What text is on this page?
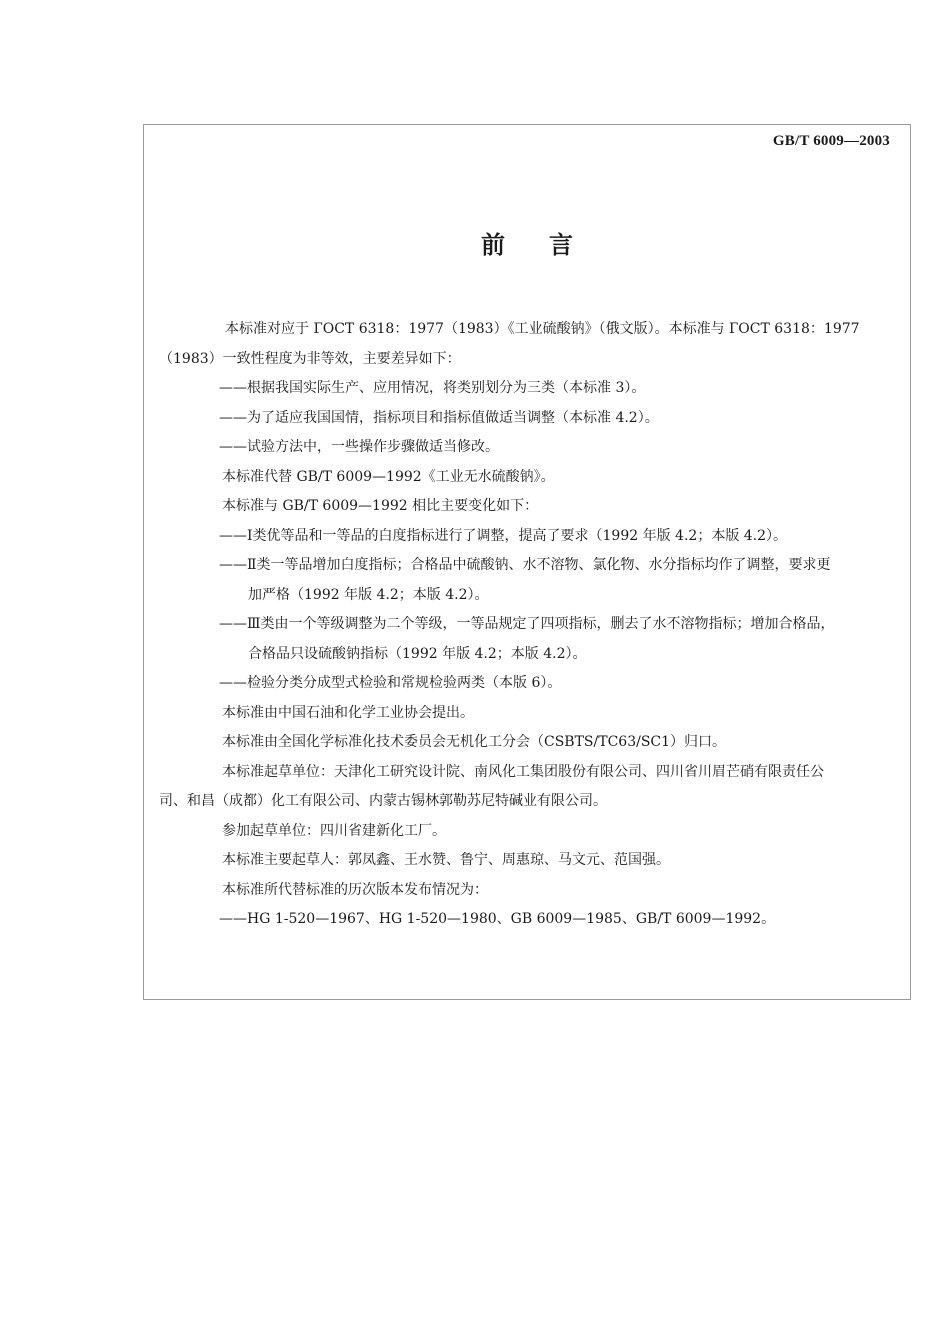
GB/T 6009—2003
前言

本标准对应于 ГОСТ 6318：1977（1983）《工业硫酸钠》（俄文版）。本标准与 ГОСТ 6318：1977

（1983）一致性程度为非等效，主要差异如下：

——根据我国实际生产、应用情况，将类别划分为三类（本标准 3）。

——为了适应我国国情，指标项目和指标值做适当调整（本标准 4.2）。

——试验方法中，一些操作步骤做适当修改。

本标准代替 GB/T 6009—1992《工业无水硫酸钠》。

本标准与 GB/T 6009—1992 相比主要变化如下：

——Ⅰ类优等品和一等品的白度指标进行了调整，提高了要求（1992 年版 4.2；本版 4.2）。

——Ⅱ类一等品增加白度指标；合格品中硫酸钠、水不溶物、氯化物、水分指标均作了调整，要求更

加严格（1992 年版 4.2；本版 4.2）。

——Ⅲ类由一个等级调整为二个等级，一等品规定了四项指标，删去了水不溶物指标；增加合格品，

合格品只设硫酸钠指标（1992 年版 4.2；本版 4.2）。

——检验分类分成型式检验和常规检验两类（本版 6）。

本标准由中国石油和化学工业协会提出。

本标准由全国化学标准化技术委员会无机化工分会（CSBTS/TC63/SC1）归口。

本标准起草单位：天津化工研究设计院、南风化工集团股份有限公司、四川省川眉芒硝有限责任公

司、和昌（成都）化工有限公司、内蒙古锡林郭勒苏尼特碱业有限公司。

参加起草单位：四川省建新化工厂。

本标准主要起草人：郭凤鑫、王水赞、鲁宁、周惠琼、马文元、范国强。

本标准所代替标准的历次版本发布情况为：

——HG 1-520—1967、HG 1-520—1980、GB 6009—1985、GB/T 6009—1992。
